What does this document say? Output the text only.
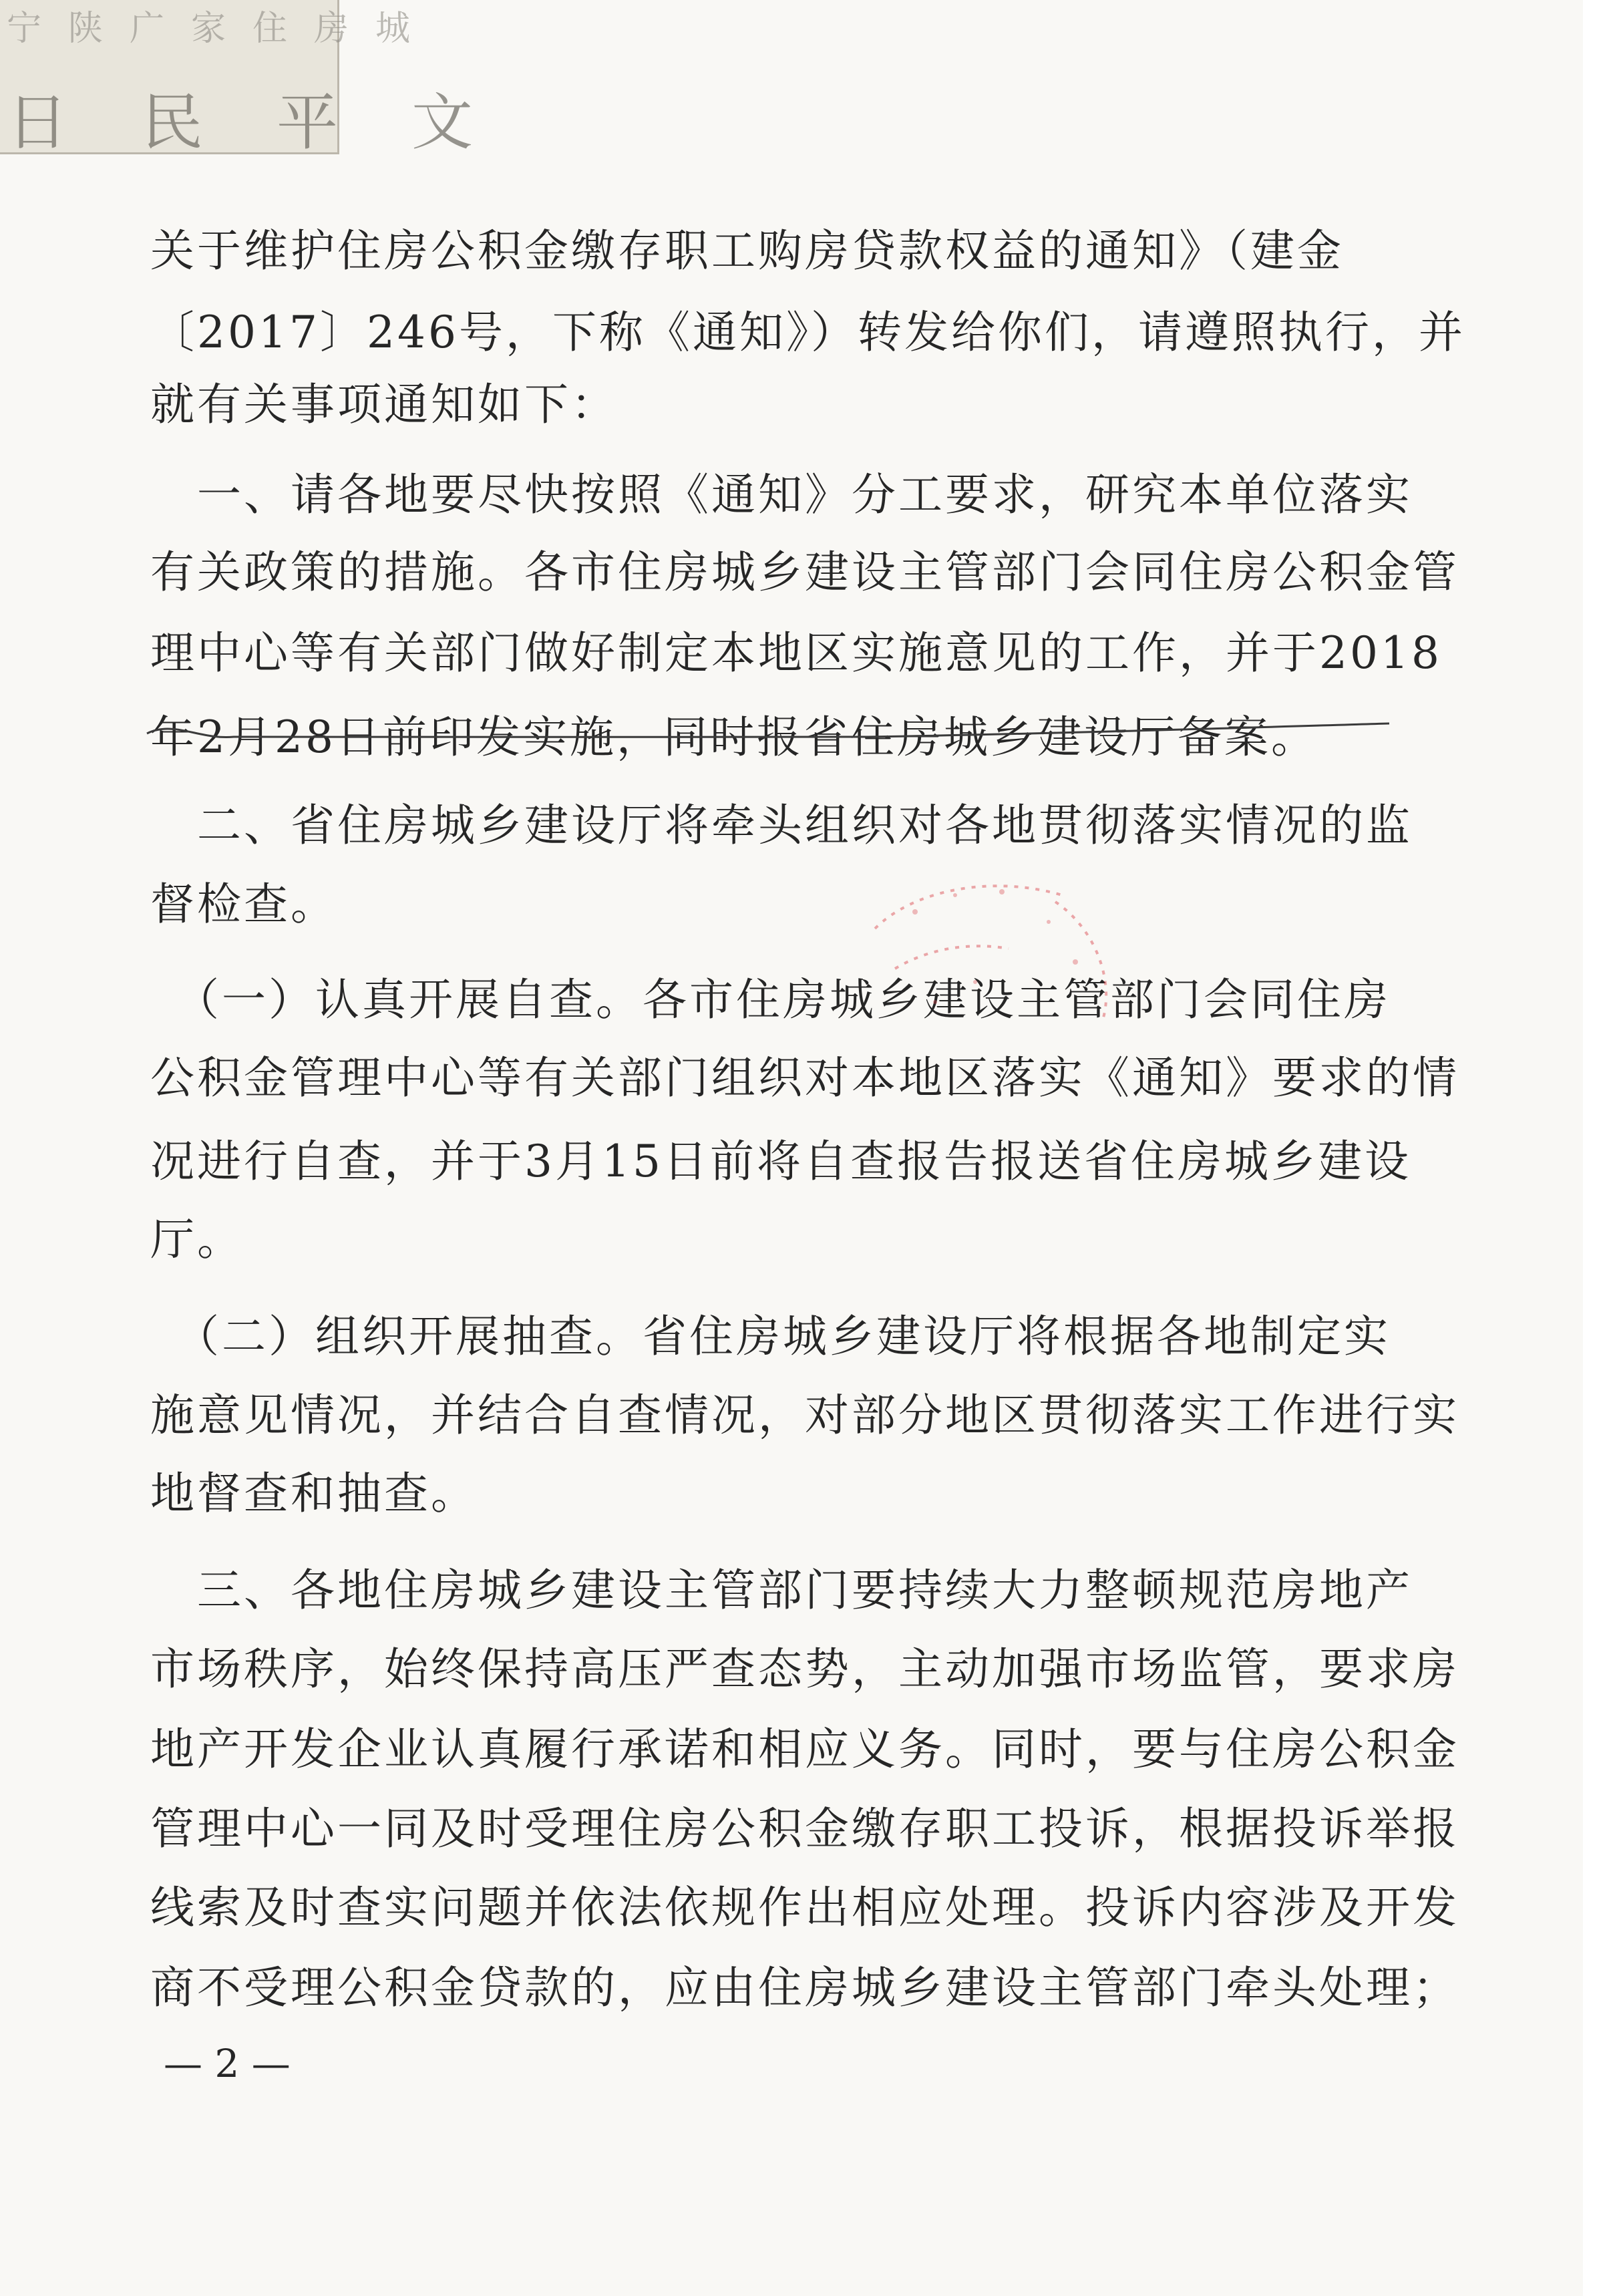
宁陕广家住房城
日民平文
关于维护住房公积金缴存职工购房贷款权益的通知》（建金
〔2017〕246号，下称《通知》）转发给你们，请遵照执行，并
就有关事项通知如下：
　一、请各地要尽快按照《通知》分工要求，研究本单位落实
有关政策的措施。各市住房城乡建设主管部门会同住房公积金管
理中心等有关部门做好制定本地区实施意见的工作，并于2018
年2月28日前印发实施，同时报省住房城乡建设厅备案。
　二、省住房城乡建设厅将牵头组织对各地贯彻落实情况的监
督检查。
　（一）认真开展自查。各市住房城乡建设主管部门会同住房
公积金管理中心等有关部门组织对本地区落实《通知》要求的情
况进行自查，并于3月15日前将自查报告报送省住房城乡建设
厅。
　（二）组织开展抽查。省住房城乡建设厅将根据各地制定实
施意见情况，并结合自查情况，对部分地区贯彻落实工作进行实
地督查和抽查。
　三、各地住房城乡建设主管部门要持续大力整顿规范房地产
市场秩序，始终保持高压严查态势，主动加强市场监管，要求房
地产开发企业认真履行承诺和相应义务。同时，要与住房公积金
管理中心一同及时受理住房公积金缴存职工投诉，根据投诉举报
线索及时查实问题并依法依规作出相应处理。投诉内容涉及开发
商不受理公积金贷款的，应由住房城乡建设主管部门牵头处理；
— 2 —
